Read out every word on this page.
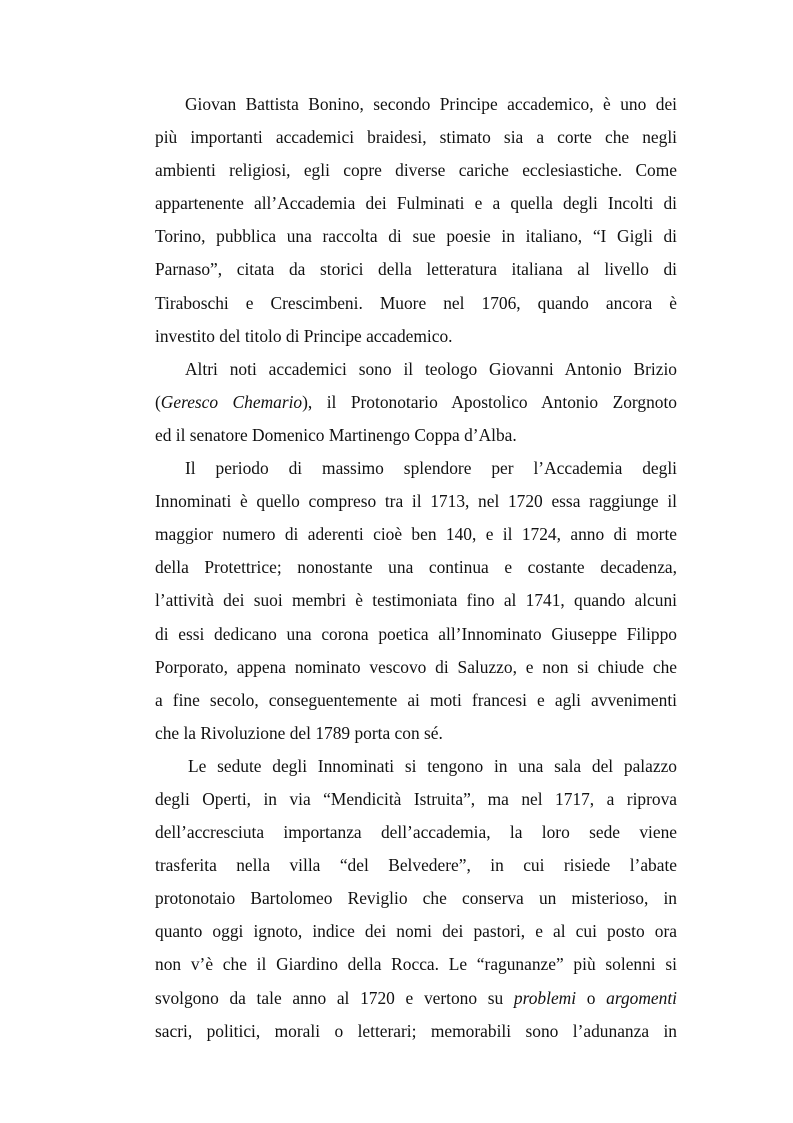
Giovan Battista Bonino, secondo Principe accademico, è uno dei
più importanti accademici braidesi, stimato sia a corte che negli
ambienti religiosi, egli copre diverse cariche ecclesiastiche. Come
appartenente all’Accademia dei Fulminati e a quella degli Incolti di
Torino, pubblica una raccolta di sue poesie in italiano, “I Gigli di
Parnaso”, citata da storici della letteratura italiana al livello di
Tiraboschi e Crescimbeni. Muore nel 1706, quando ancora è
investito del titolo di Principe accademico.
Altri noti accademici sono il teologo Giovanni Antonio Brizio
(Geresco Chemario), il Protonotario Apostolico Antonio Zorgnoto
ed il senatore Domenico Martinengo Coppa d’Alba.
Il periodo di massimo splendore per l’Accademia degli
Innominati è quello compreso tra il 1713, nel 1720 essa raggiunge il
maggior numero di aderenti cioè ben 140, e il 1724, anno di morte
della Protettrice; nonostante una continua e costante decadenza,
l’attività dei suoi membri è testimoniata fino al 1741, quando alcuni
di essi dedicano una corona poetica all’Innominato Giuseppe Filippo
Porporato, appena nominato vescovo di Saluzzo, e non si chiude che
a fine secolo, conseguentemente ai moti francesi e agli avvenimenti
che la Rivoluzione del 1789 porta con sé.
Le sedute degli Innominati si tengono in una sala del palazzo
degli Operti, in via “Mendicità Istruita”, ma nel 1717, a riprova
dell’accresciuta importanza dell’accademia, la loro sede viene
trasferita nella villa “del Belvedere”, in cui risiede l’abate
protonotaio Bartolomeo Reviglio che conserva un misterioso, in
quanto oggi ignoto, indice dei nomi dei pastori, e al cui posto ora
non v’è che il Giardino della Rocca. Le “ragunanze” più solenni si
svolgono da tale anno al 1720 e vertono su problemi o argomenti
sacri, politici, morali o letterari; memorabili sono l’adunanza in
